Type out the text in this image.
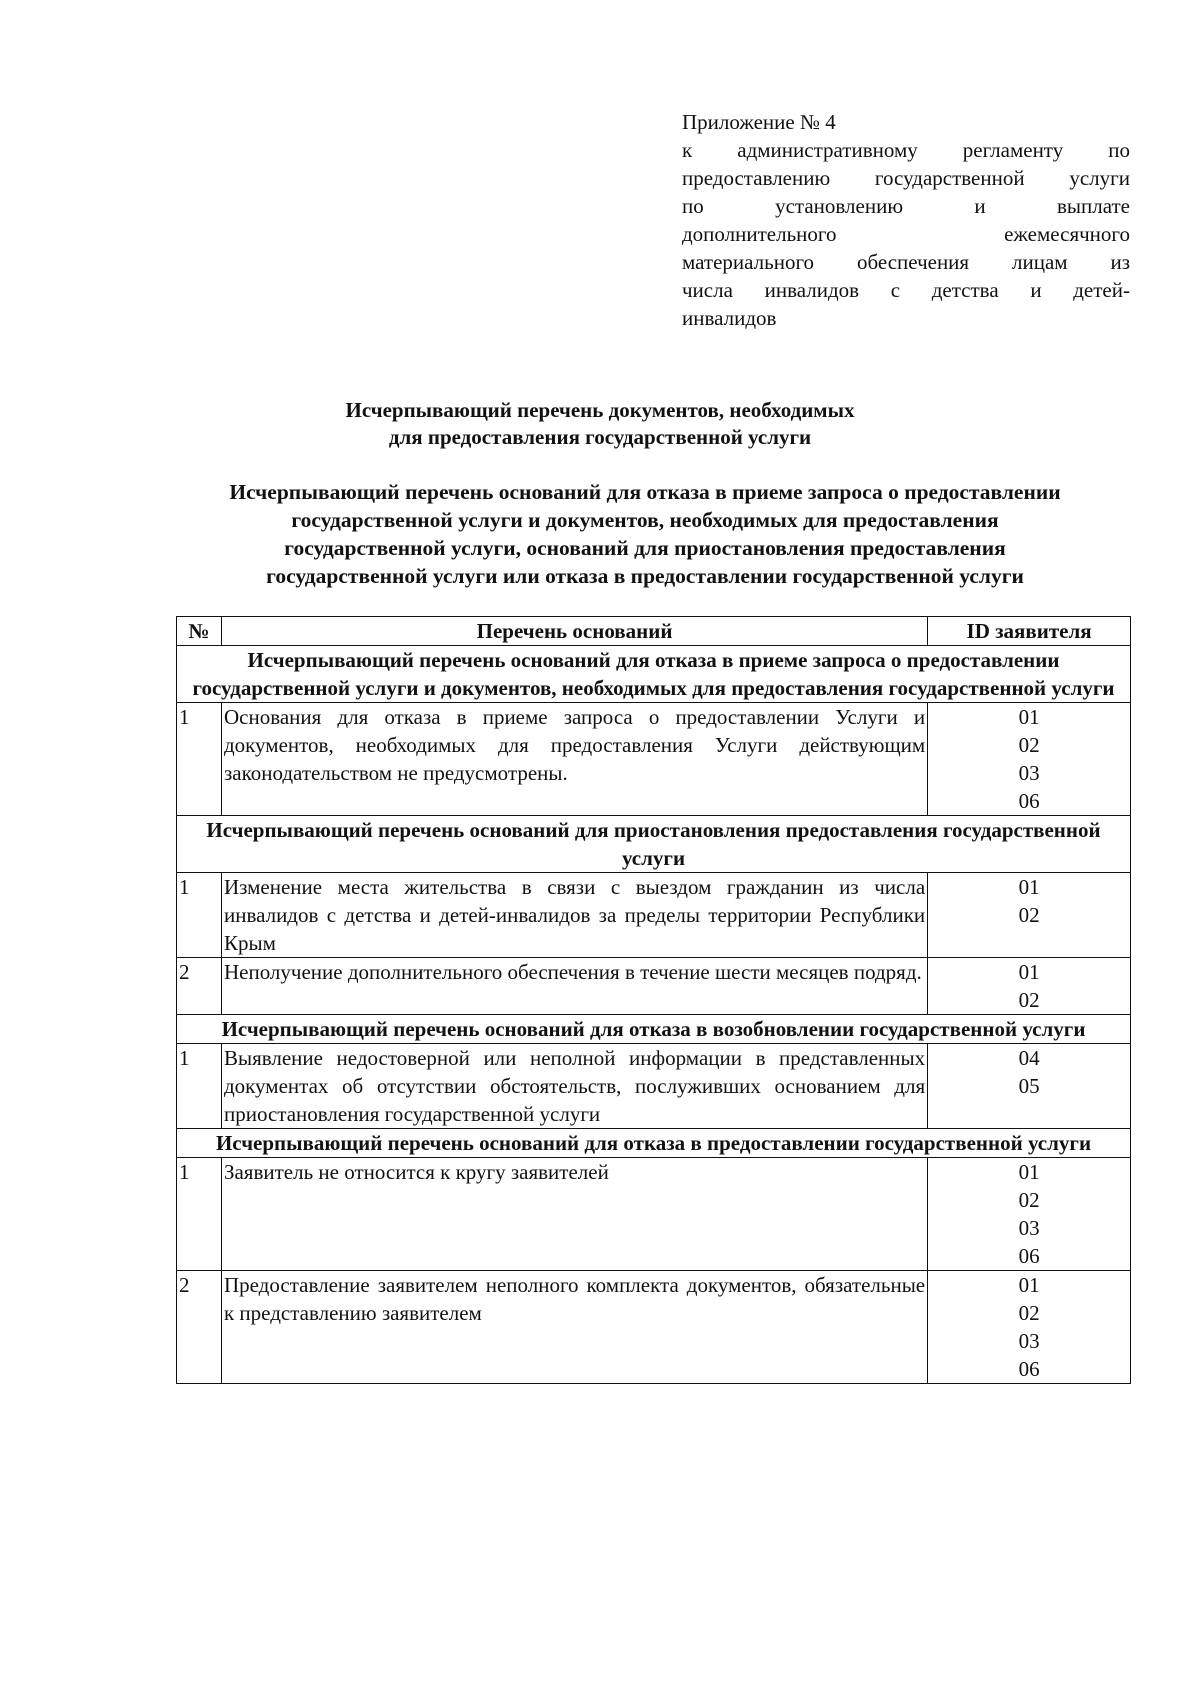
Приложение № 4
к административному регламенту по
предоставлению государственной услуги
по установлению и выплате
дополнительного ежемесячного
материального обеспечения лицам из
числа инвалидов с детства и детей-
инвалидов
Исчерпывающий перечень документов, необходимых
для предоставления государственной услуги
Исчерпывающий перечень оснований для отказа в приеме запроса о предоставлении
государственной услуги и документов, необходимых для предоставления
государственной услуги, оснований для приостановления предоставления
государственной услуги или отказа в предоставлении государственной услуги
№	Перечень оснований	ID заявителя
Исчерпывающий перечень оснований для отказа в приеме запроса о предоставлении государственной услуги и документов, необходимых для предоставления государственной услуги		
1	Основания для отказа в приеме запроса о предоставлении Услуги и документов, необходимых для предоставления Услуги действующим законодательством не предусмотрены.	01
02
03
06

Исчерпывающий перечень оснований для приостановления предоставления государственной услуги		
1	Изменение места жительства в связи с выездом гражданин из числа инвалидов с детства и детей-инвалидов за пределы территории Республики Крым	01
02

2	Неполучение дополнительного обеспечения в течение шести месяцев подряд.	01
02

Исчерпывающий перечень оснований для отказа в возобновлении государственной услуги		
1	Выявление недостоверной или неполной информации в представленных документах об отсутствии обстоятельств, послуживших основанием для приостановления государственной услуги	04
05

Исчерпывающий перечень оснований для отказа в предоставлении государственной услуги		
1	Заявитель не относится к кругу заявителей	01
02
03
06

2	Предоставление заявителем неполного комплекта документов, обязательные к представлению заявителем	01
02
03
06
